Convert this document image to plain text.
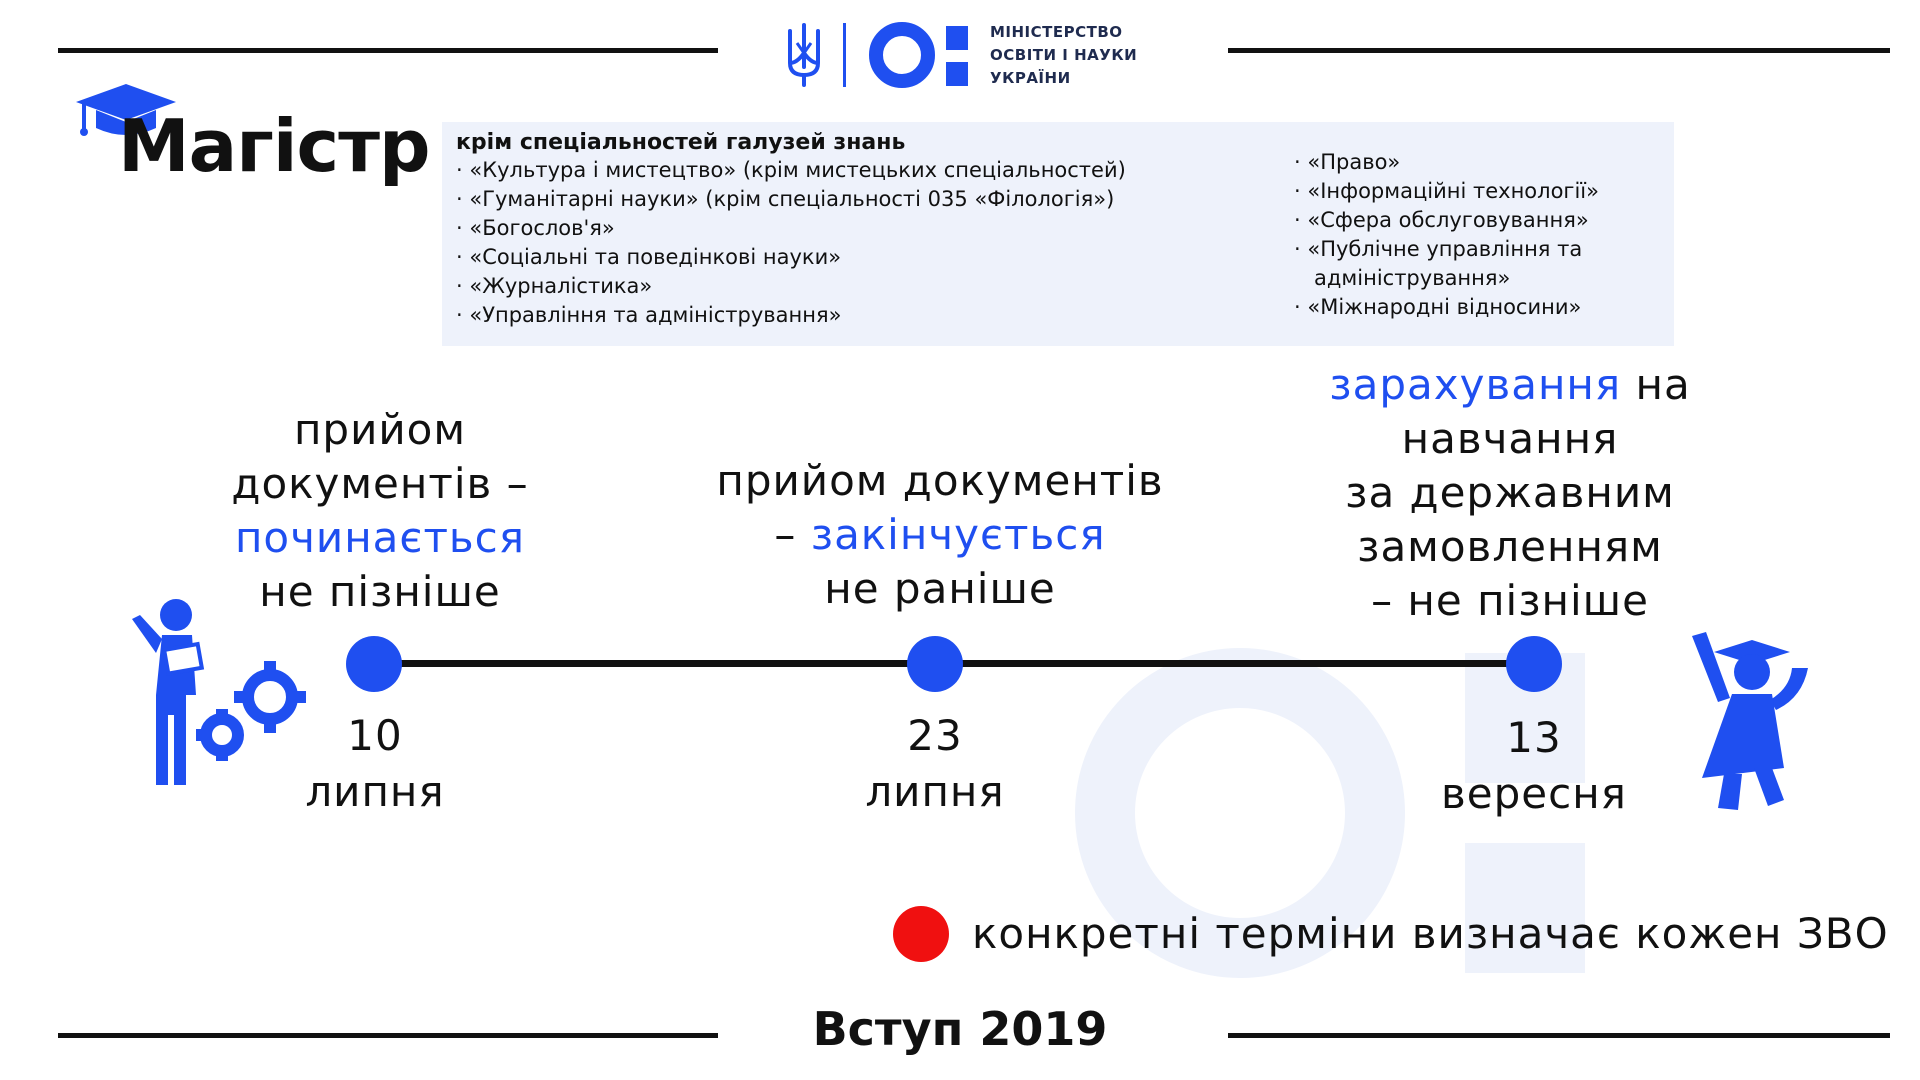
МІНІСТЕРСТВО
ОСВІТИ І НАУКИ
УКРАЇНИ
Магістр крім спеціальностей галузей знань
· «Культура і мистецтво» (крім мистецьких спеціальностей)
· «Гуманітарні науки» (крім спеціальності 035 «Філологія»)
· «Богослов'я»
· «Соціальні та поведінкові науки»
· «Журналістика»
· «Управління та адміністрування»
· «Право»
· «Інформаційні технології»
· «Сфера обслуговування»
· «Публічне управління та
адміністрування»
· «Міжнародні відносини»
прийом
документів –
починається
не пізніше
прийом документів
– закінчується
не раніше
зарахування на
навчання
за державним
замовленням
– не пізніше
10
липня
23
липня
13
вересня
конкретні терміни визначає кожен ЗВО
Вступ 2019
